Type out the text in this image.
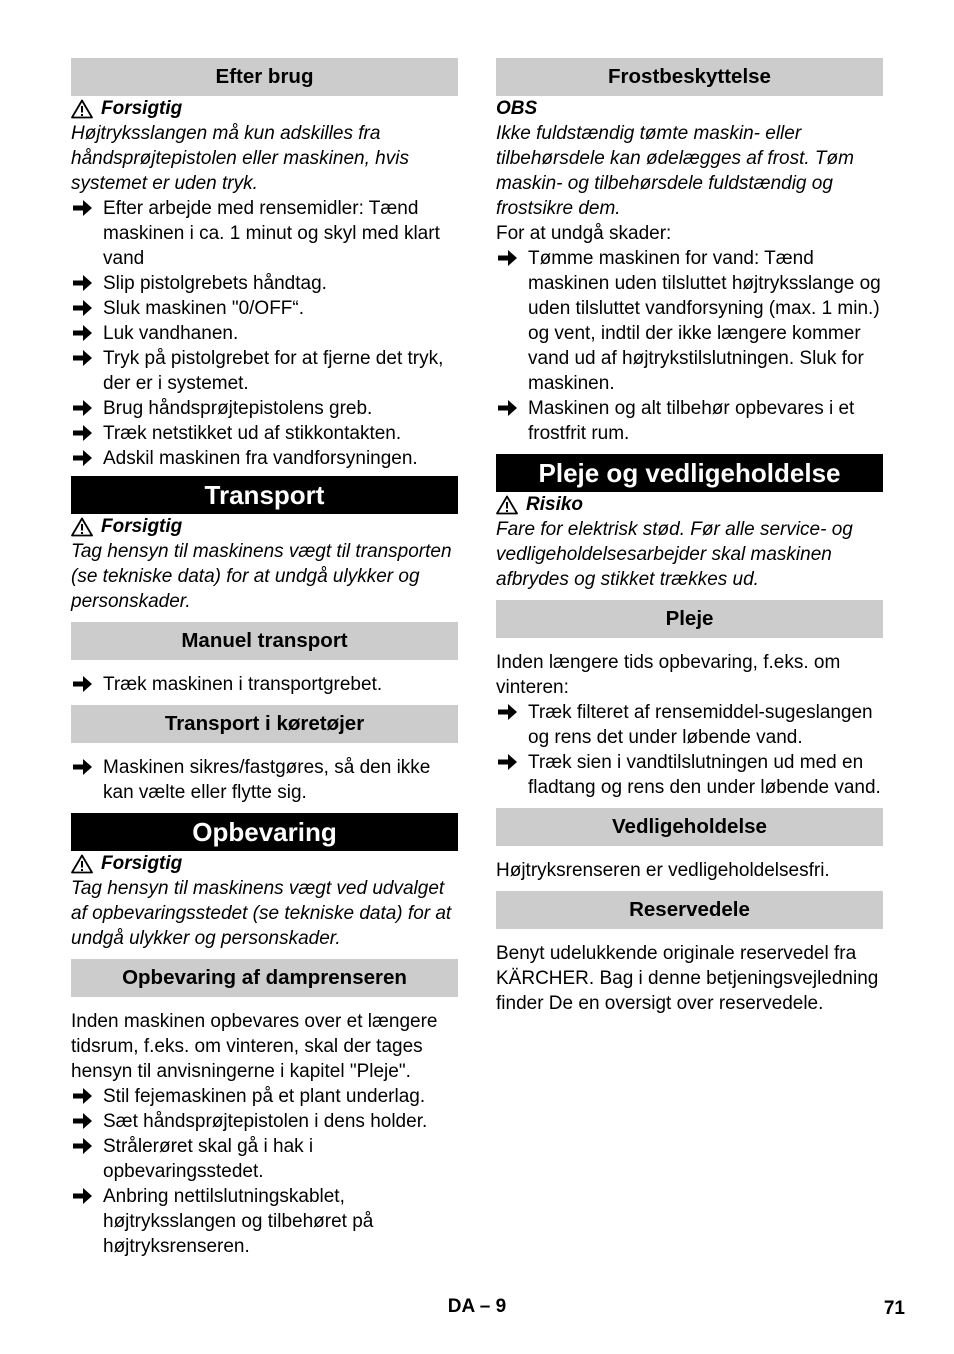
Efter brug
Forsigtig
Højtryksslangen må kun adskilles fra håndsprøjtepistolen eller maskinen, hvis systemet er uden tryk.
Efter arbejde med rensemidler: Tænd maskinen i ca. 1 minut og skyl med klart vand
Slip pistolgrebets håndtag.
Sluk maskinen "0/OFF“.
Luk vandhanen.
Tryk på pistolgrebet for at fjerne det tryk, der er i systemet.
Brug håndsprøjtepistolens greb.
Træk netstikket ud af stikkontakten.
Adskil maskinen fra vandforsyningen.
Transport
Forsigtig
Tag hensyn til maskinens vægt til transporten (se tekniske data) for at undgå ulykker og personskader.
Manuel transport
Træk maskinen i transportgrebet.
Transport i køretøjer
Maskinen sikres/fastgøres, så den ikke kan vælte eller flytte sig.
Opbevaring
Forsigtig
Tag hensyn til maskinens vægt ved udvalget af opbevaringsstedet (se tekniske data) for at undgå ulykker og personskader.
Opbevaring af damprenseren
Inden maskinen opbevares over et længere tidsrum, f.eks. om vinteren, skal der tages hensyn til anvisningerne i kapitel "Pleje".
Stil fejemaskinen på et plant underlag.
Sæt håndsprøjtepistolen i dens holder.
Strålerøret skal gå i hak i opbevaringsstedet.
Anbring nettilslutningskablet, højtryksslangen og tilbehøret på højtryksrenseren.
Frostbeskyttelse
OBS
Ikke fuldstændig tømte maskin- eller tilbehørsdele kan ødelægges af frost. Tøm maskin- og tilbehørsdele fuldstændig og frostsikre dem.
For at undgå skader:
Tømme maskinen for vand: Tænd maskinen uden tilsluttet højtryksslange og uden tilsluttet vandforsyning (max. 1 min.) og vent, indtil der ikke længere kommer vand ud af højtrykstilslutningen. Sluk for maskinen.
Maskinen og alt tilbehør opbevares i et frostfrit rum.
Pleje og vedligeholdelse
Risiko
Fare for elektrisk stød. Før alle service- og vedligeholdelsesarbejder skal maskinen afbrydes og stikket trækkes ud.
Pleje
Inden længere tids opbevaring, f.eks. om vinteren:
Træk filteret af rensemiddel-sugeslangen og rens det under løbende vand.
Træk sien i vandtilslutningen ud med en fladtang og rens den under løbende vand.
Vedligeholdelse
Højtryksrenseren er vedligeholdelsesfri.
Reservedele
Benyt udelukkende originale reservedel fra KÄRCHER. Bag i denne betjeningsvejledning finder De en oversigt over reservedele.
DA – 9	71
